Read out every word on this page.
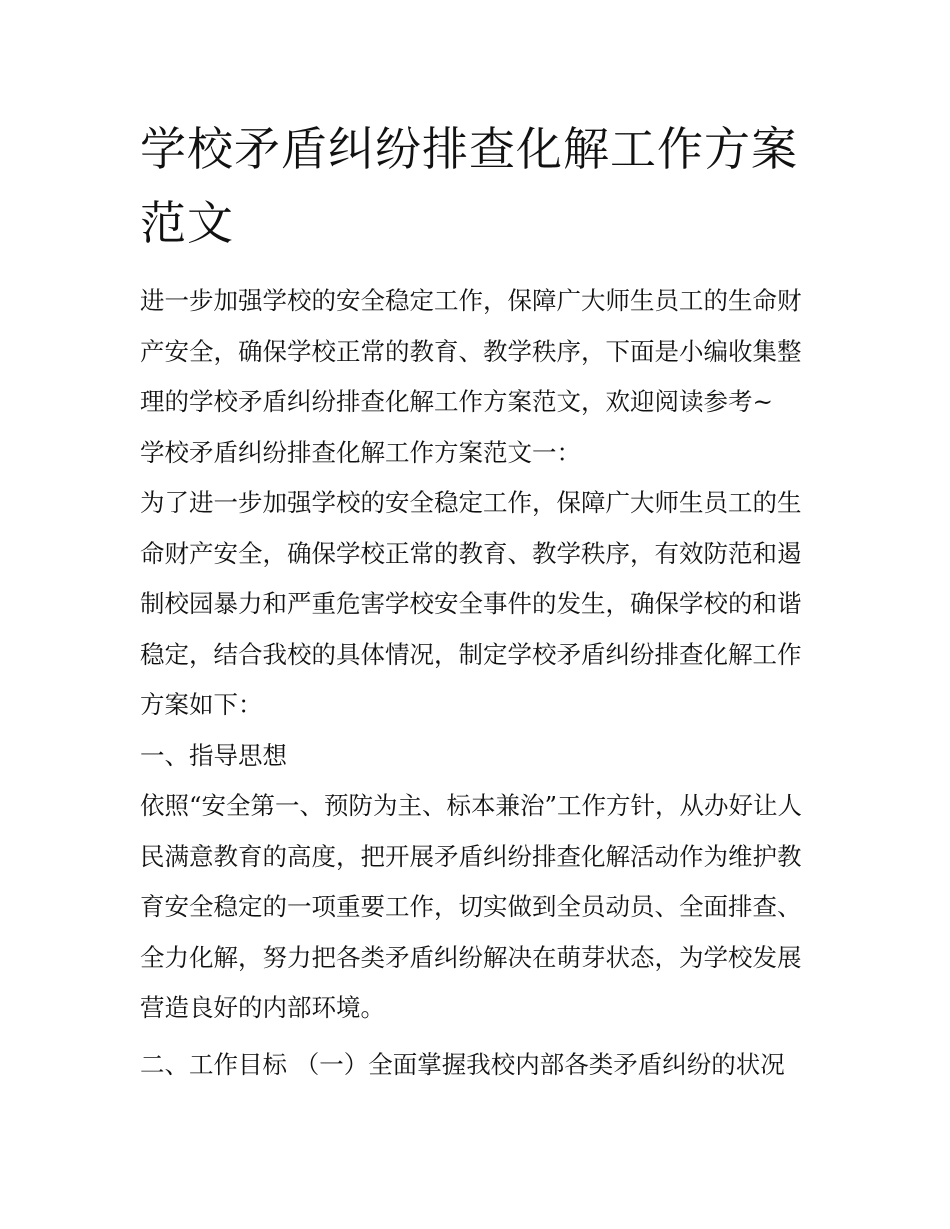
学校矛盾纠纷排查化解工作方案范文

进一步加强学校的安全稳定工作，保障广大师生员工的生命财产安全，确保学校正常的教育、教学秩序，下面是小编收集整理的学校矛盾纠纷排查化解工作方案范文，欢迎阅读参考~

学校矛盾纠纷排查化解工作方案范文一：

为了进一步加强学校的安全稳定工作，保障广大师生员工的生命财产安全，确保学校正常的教育、教学秩序，有效防范和遏制校园暴力和严重危害学校安全事件的发生，确保学校的和谐稳定，结合我校的具体情况，制定学校矛盾纠纷排查化解工作方案如下：

一、指导思想

依照“安全第一、预防为主、标本兼治”工作方针，从办好让人民满意教育的高度，把开展矛盾纠纷排查化解活动作为维护教育安全稳定的一项重要工作，切实做到全员动员、全面排查、全力化解，努力把各类矛盾纠纷解决在萌芽状态，为学校发展营造良好的内部环境。

二、工作目标 （一）全面掌握我校内部各类矛盾纠纷的状况
